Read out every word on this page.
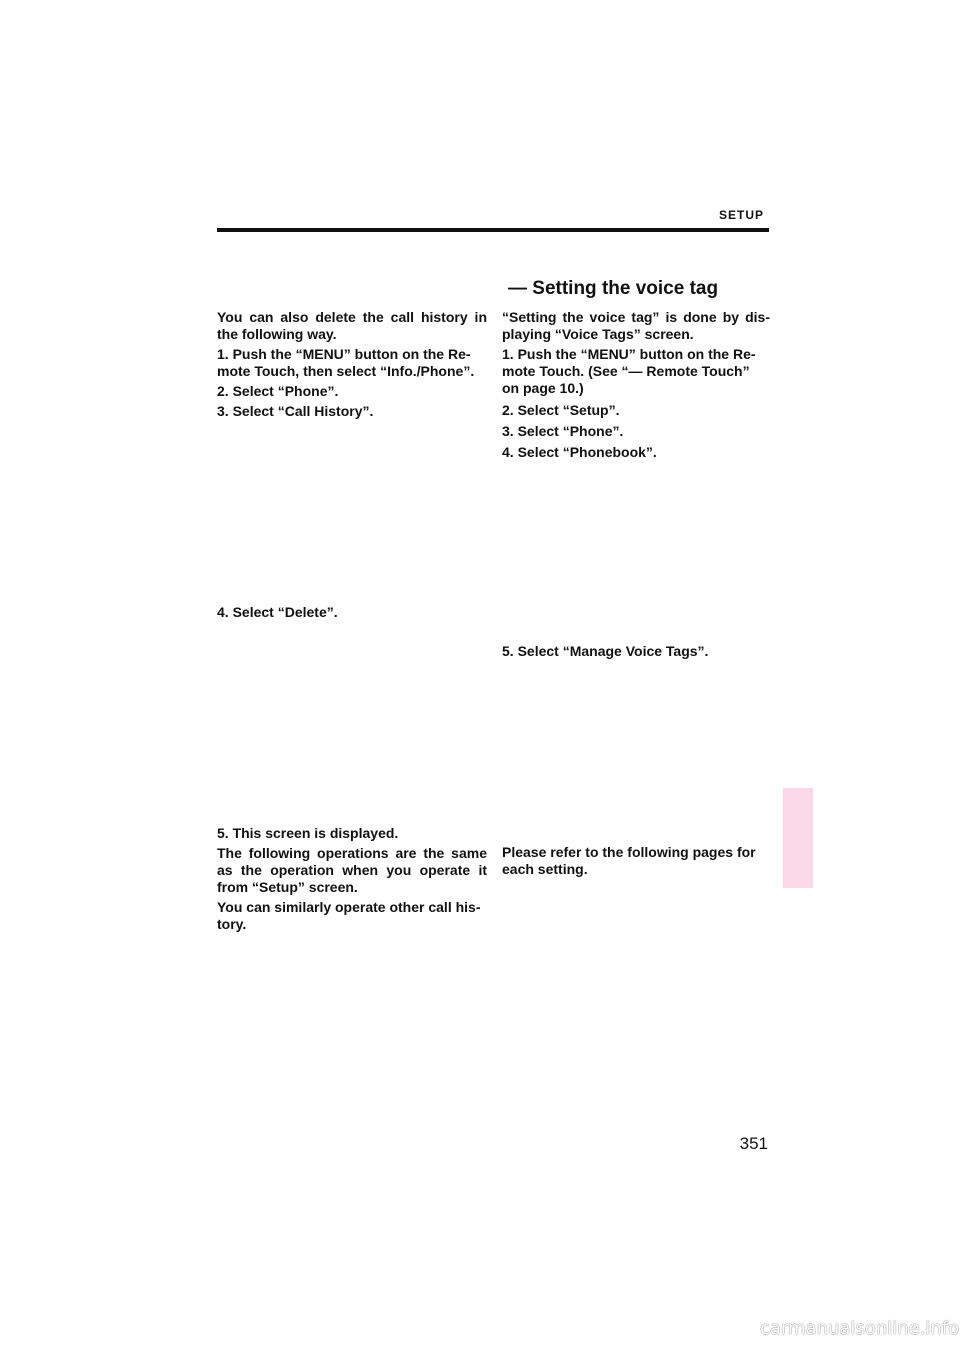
SETUP
— Setting the voice tag

You can also delete the call history in the following way.

1. Push the “MENU” button on the Re-mote Touch, then select “Info./Phone”.

2. Select “Phone”.

3. Select “Call History”.

4. Select “Delete”.

5. This screen is displayed.

The following operations are the same as the operation when you operate it from “Setup” screen.

You can similarly operate other call his-tory.

“Setting the voice tag” is done by dis-playing “Voice Tags” screen.

1. Push the “MENU” button on the Re-mote Touch. (See “— Remote Touch” on page 10.)

2. Select “Setup”.

3. Select “Phone”.

4. Select “Phonebook”.

5. Select “Manage Voice Tags”.

Please refer to the following pages for each setting.

351
carmanualsonline.info
